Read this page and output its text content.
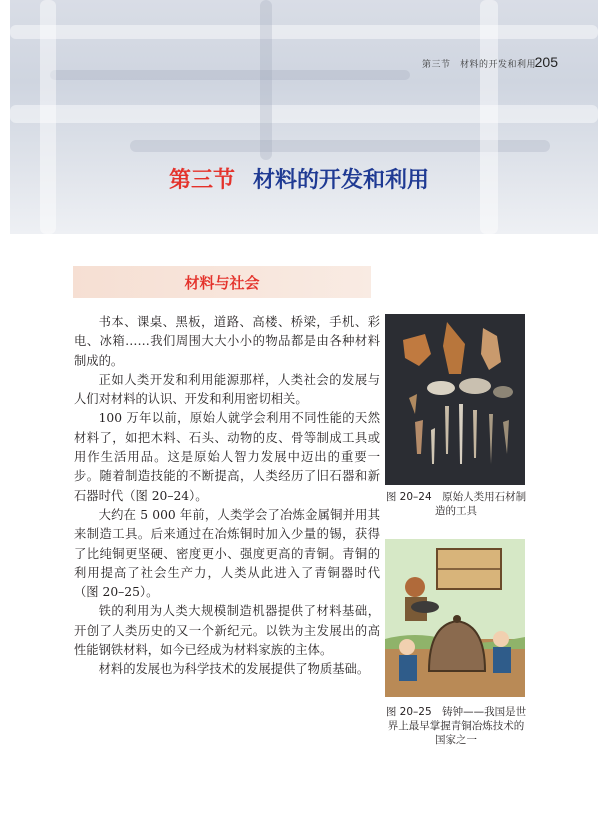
第三节　材料的开发和利用
205
第三节 材料的开发和利用
材料与社会

书本、课桌、黑板，道路、高楼、桥梁，手机、彩电、冰箱……我们周围大大小小的物品都是由各种材料制成的。

正如人类开发和利用能源那样，人类社会的发展与人们对材料的认识、开发和利用密切相关。

100 万年以前，原始人就学会利用不同性能的天然材料了，如把木料、石头、动物的皮、骨等制成工具或用作生活用品。这是原始人智力发展中迈出的重要一步。随着制造技能的不断提高，人类经历了旧石器和新石器时代（图 20–24）。

大约在 5 000 年前，人类学会了冶炼金属铜并用其来制造工具。后来通过在冶炼铜时加入少量的锡，获得了比纯铜更坚硬、密度更小、强度更高的青铜。青铜的利用提高了社会生产力，人类从此进入了青铜器时代（图 20–25）。

铁的利用为人类大规模制造机器提供了材料基础，开创了人类历史的又一个新纪元。以铁为主发展出的高性能钢铁材料，如今已经成为材料家族的主体。

材料的发展也为科学技术的发展提供了物质基础。

图 20–24　原始人类用石材制造的工具
图 20–25　铸钟——我国是世界上最早掌握青铜冶炼技术的国家之一
